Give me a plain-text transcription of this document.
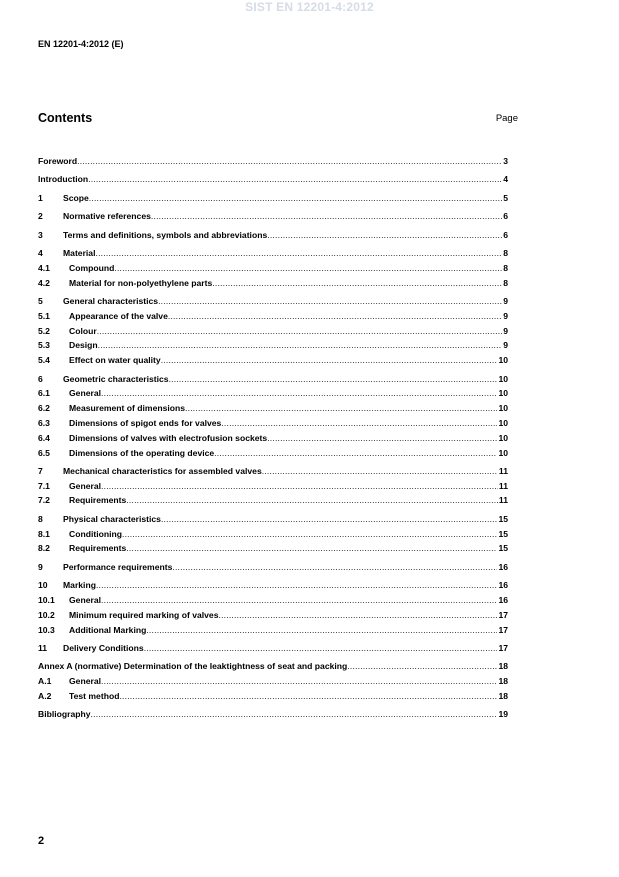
SIST EN 12201-4:2012
EN 12201-4:2012 (E)
Contents	Page
Foreword .....	3
Introduction .....	4
1	Scope .....	5
2	Normative references .....	6
3	Terms and definitions, symbols and abbreviations .....	6
4	Material .....	8
4.1	Compound .....	8
4.2	Material for non-polyethylene parts .....	8
5	General characteristics .....	9
5.1	Appearance of the valve .....	9
5.2	Colour .....	9
5.3	Design .....	9
5.4	Effect on water quality .....	10
6	Geometric characteristics .....	10
6.1	General .....	10
6.2	Measurement of dimensions .....	10
6.3	Dimensions of spigot ends for valves .....	10
6.4	Dimensions of valves with electrofusion sockets .....	10
6.5	Dimensions of the operating device .....	10
7	Mechanical characteristics for assembled valves .....	11
7.1	General .....	11
7.2	Requirements .....	11
8	Physical characteristics .....	15
8.1	Conditioning .....	15
8.2	Requirements .....	15
9	Performance requirements .....	16
10	Marking .....	16
10.1	General .....	16
10.2	Minimum required marking of valves .....	17
10.3	Additional Marking .....	17
11	Delivery Conditions .....	17
Annex A (normative) Determination of the leaktightness of seat and packing .....	18
A.1	General .....	18
A.2	Test method .....	18
Bibliography .....	19
2
